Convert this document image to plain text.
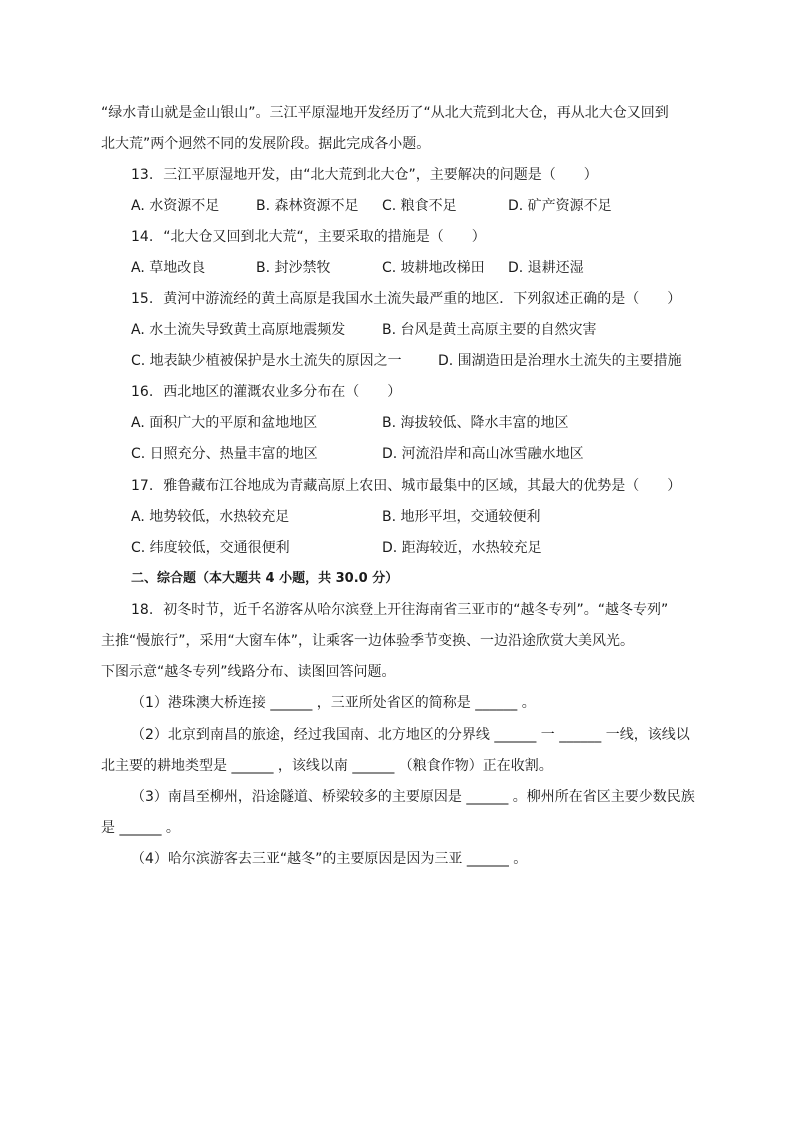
“绿水青山就是金山银山”。三江平原湿地开发经历了“从北大荒到北大仓，再从北大仓又回到
北大荒”两个迥然不同的发展阶段。据此完成各小题。
13. 三江平原湿地开发，由“北大荒到北大仓”，主要解决的问题是（　　）
A. 水资源不足	B. 森林资源不足 C. 粮食不足	D. 矿产资源不足
14. “北大仓又回到北大荒“，主要采取的措施是（　　）
A. 草地改良	B. 封沙禁牧	C. 坡耕地改梯田 D. 退耕还湿
15. 黄河中游流经的黄土高原是我国水土流失最严重的地区．下列叙述正确的是（　　）
A. 水土流失导致黄土高原地震频发	B. 台风是黄土高原主要的自然灾害
C. 地表缺少植被保护是水土流失的原因之一	D. 围湖造田是治理水土流失的主要措施
16. 西北地区的灌溉农业多分布在（　　）
A. 面积广大的平原和盆地地区	B. 海拔较低、降水丰富的地区
C. 日照充分、热量丰富的地区	D. 河流沿岸和高山冰雪融水地区
17. 雅鲁藏布江谷地成为青藏高原上农田、城市最集中的区域，其最大的优势是（　　）
A. 地势较低，水热较充足	B. 地形平坦，交通较便利
C. 纬度较低，交通很便利	D. 距海较近，水热较充足
二、综合题（本大题共 4 小题，共 30.0 分）
18. 初冬时节，近千名游客从哈尔滨登上开往海南省三亚市的“越冬专列”。“越冬专列”
主推“慢旅行”，采用“大窗车体”，让乘客一边体验季节变换、一边沿途欣赏大美风光。
下图示意“越冬专列”线路分布、读图回答问题。
（1）港珠澳大桥连接 ______ ，三亚所处省区的简称是 ______ 。
（2）北京到南昌的旅途，经过我国南、北方地区的分界线 ______ 一 ______ 一线，该线以
北主要的耕地类型是 ______ ，该线以南 ______ （粮食作物）正在收割。
（3）南昌至柳州，沿途隧道、桥梁较多的主要原因是 ______ 。柳州所在省区主要少数民族
是 ______ 。
（4）哈尔滨游客去三亚“越冬”的主要原因是因为三亚 ______ 。
